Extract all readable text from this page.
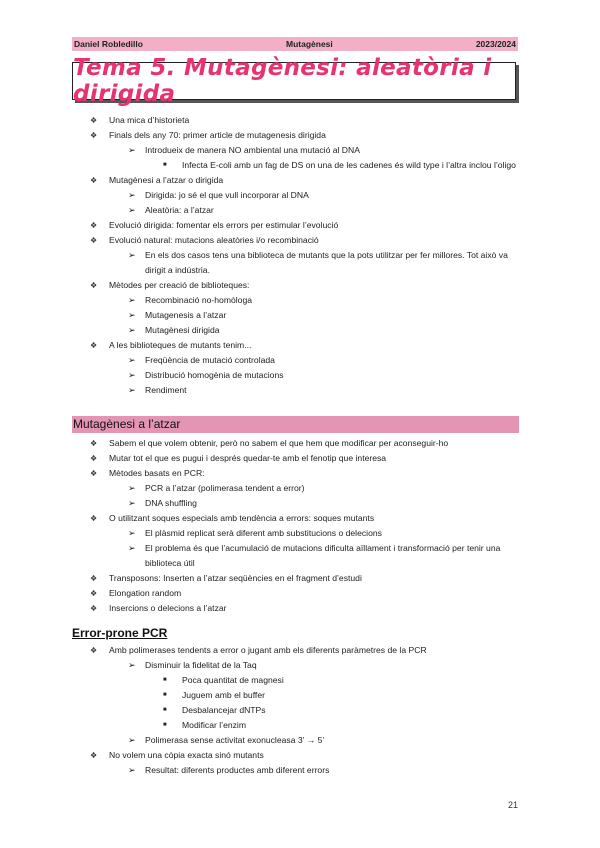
Daniel Robledillo	Mutagènesi	2023/2024
Tema 5. Mutagènesi: aleatòria i dirigida
❖ Una mica d’historieta
❖ Finals dels any 70: primer article de mutagenesis dirigida
➢ Introdueix de manera NO ambiental una mutació al DNA
■ Infecta E-coli amb un fag de DS on una de les cadenes és wild type i l’altra inclou l’oligo
❖ Mutagènesi a l’atzar o dirigida
➢ Dirigida: jo sé el que vull incorporar al DNA
➢ Aleatòria: a l’atzar
❖ Evolució dirigida: fomentar els errors per estimular l’evolució
❖ Evolució natural: mutacions aleatòries i/o recombinació
➢ En els dos casos tens una biblioteca de mutants que la pots utilitzar per fer millores. Tot això va dirigit a indústria.
❖ Mètodes per creació de biblioteques:
➢ Recombinació no-homòloga
➢ Mutagenesis a l’atzar
➢ Mutagènesi dirigida
❖ A les biblioteques de mutants tenim...
➢ Freqüència de mutació controlada
➢ Distribució homogènia de mutacions
➢ Rendiment
Mutagènesi a l’atzar
❖ Sabem el que volem obtenir, però no sabem el que hem que modificar per aconseguir-ho
❖ Mutar tot el que es pugui i després quedar-te amb el fenotip que interesa
❖ Mètodes basats en PCR:
➢ PCR a l’atzar (polimerasa tendent a error)
➢ DNA shuffling
❖ O utilitzant soques especials amb tendència a errors: soques mutants
➢ El plàsmid replicat serà diferent amb substitucions o delecions
➢ El problema és que l’acumulació de mutacions dificulta aïllament i transformació per tenir una biblioteca útil
❖ Transposons: Inserten a l’atzar seqüències en el fragment d’estudi
❖ Elongation random
❖ Insercions o delecions a l’atzar
Error-prone PCR
❖ Amb polimerases tendents a error o jugant amb els diferents paràmetres de la PCR
➢ Disminuir la fidelitat de la Taq
■ Poca quantitat de magnesi
■ Juguem amb el buffer
■ Desbalancejar dNTPs
■ Modificar l’enzim
➢ Polimerasa sense activitat exonucleasa 3’ → 5’
❖ No volem una còpia exacta sinó mutants
➢ Resultat: diferents productes amb diferent errors
21
